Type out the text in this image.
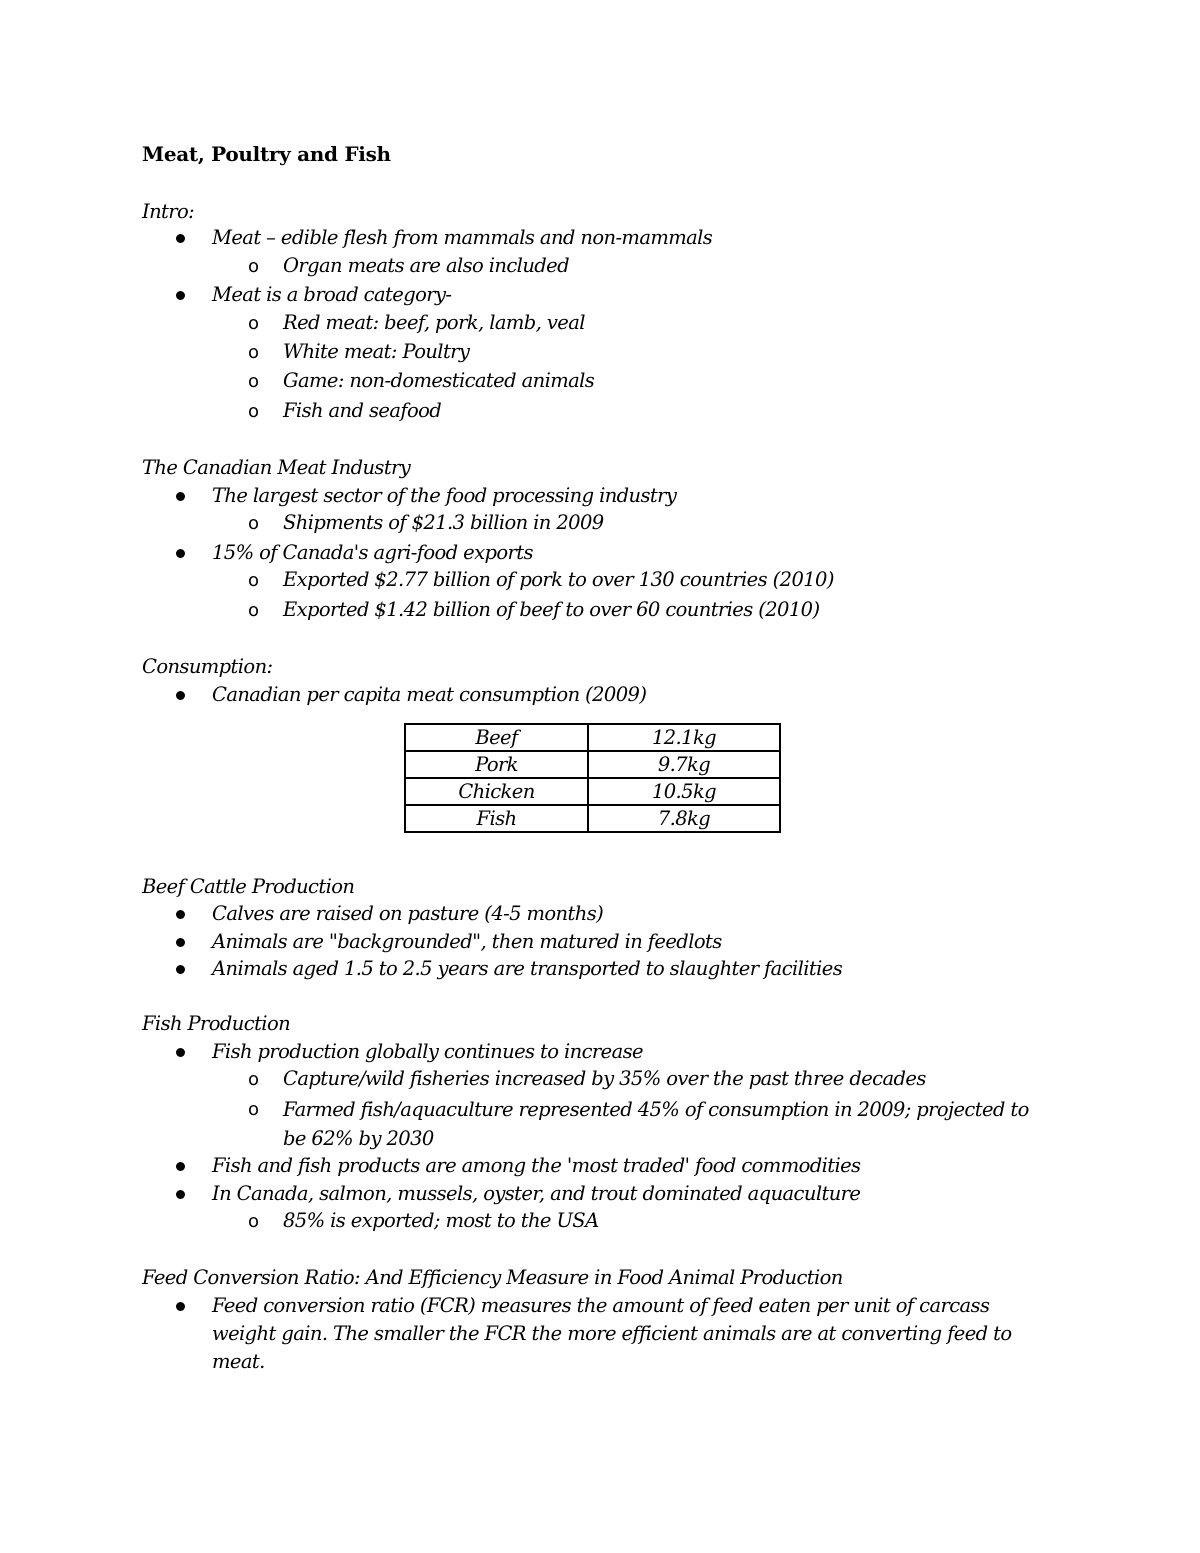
Meat, Poultry and Fish
Intro:
Meat – edible flesh from mammals and non-mammals
o Organ meats are also included
Meat is a broad category-
o Red meat: beef, pork, lamb, veal
o White meat: Poultry
o Game: non-domesticated animals
o Fish and seafood
The Canadian Meat Industry
The largest sector of the food processing industry
o Shipments of $21.3 billion in 2009
15% of Canada's agri-food exports
o Exported $2.77 billion of pork to over 130 countries (2010)
o Exported $1.42 billion of beef to over 60 countries (2010)
Consumption:
Canadian per capita meat consumption (2009)
Beef	12.1kg
Pork	9.7kg
Chicken	10.5kg
Fish	7.8kg
Beef Cattle Production
Calves are raised on pasture (4-5 months)
Animals are "backgrounded", then matured in feedlots
Animals aged 1.5 to 2.5 years are transported to slaughter facilities
Fish Production
Fish production globally continues to increase
o Capture/wild fisheries increased by 35% over the past three decades
o Farmed fish/aquaculture represented 45% of consumption in 2009; projected to be 62% by 2030
Fish and fish products are among the 'most traded' food commodities
In Canada, salmon, mussels, oyster, and trout dominated aquaculture
o 85% is exported; most to the USA
Feed Conversion Ratio: And Efficiency Measure in Food Animal Production
Feed conversion ratio (FCR) measures the amount of feed eaten per unit of carcass weight gain. The smaller the FCR the more efficient animals are at converting feed to meat.
